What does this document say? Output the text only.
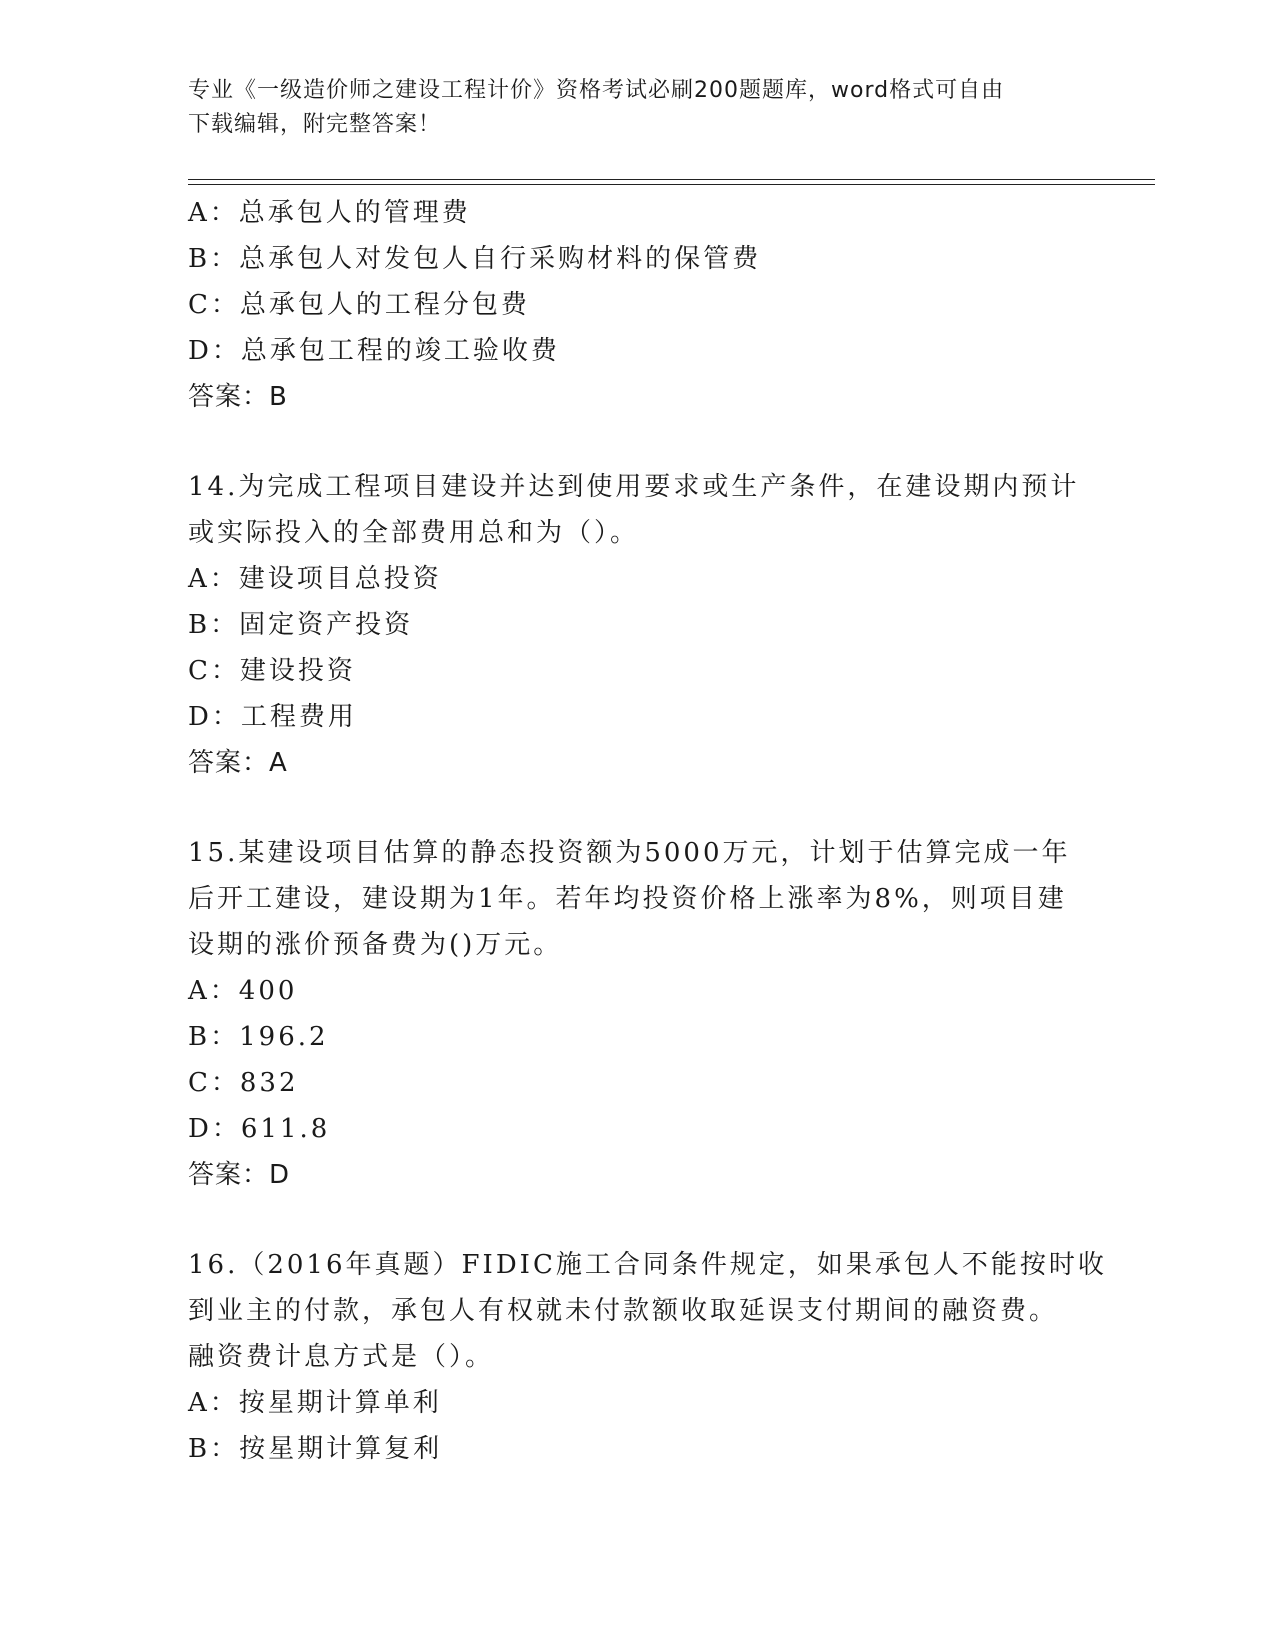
专业《一级造价师之建设工程计价》资格考试必刷200题题库，word格式可自由
下载编辑，附完整答案！
A：总承包人的管理费
B：总承包人对发包人自行采购材料的保管费
C：总承包人的工程分包费
D：总承包工程的竣工验收费
答案：B
14.为完成工程项目建设并达到使用要求或生产条件，在建设期内预计
或实际投入的全部费用总和为（）。
A：建设项目总投资
B：固定资产投资
C：建设投资
D：工程费用
答案：A
15.某建设项目估算的静态投资额为5000万元，计划于估算完成一年
后开工建设，建设期为1年。若年均投资价格上涨率为8%，则项目建
设期的涨价预备费为()万元。
A：400
B：196.2
C：832
D：611.8
答案：D
16.（2016年真题）FIDIC施工合同条件规定，如果承包人不能按时收
到业主的付款，承包人有权就未付款额收取延误支付期间的融资费。
融资费计息方式是（）。
A：按星期计算单利
B：按星期计算复利
